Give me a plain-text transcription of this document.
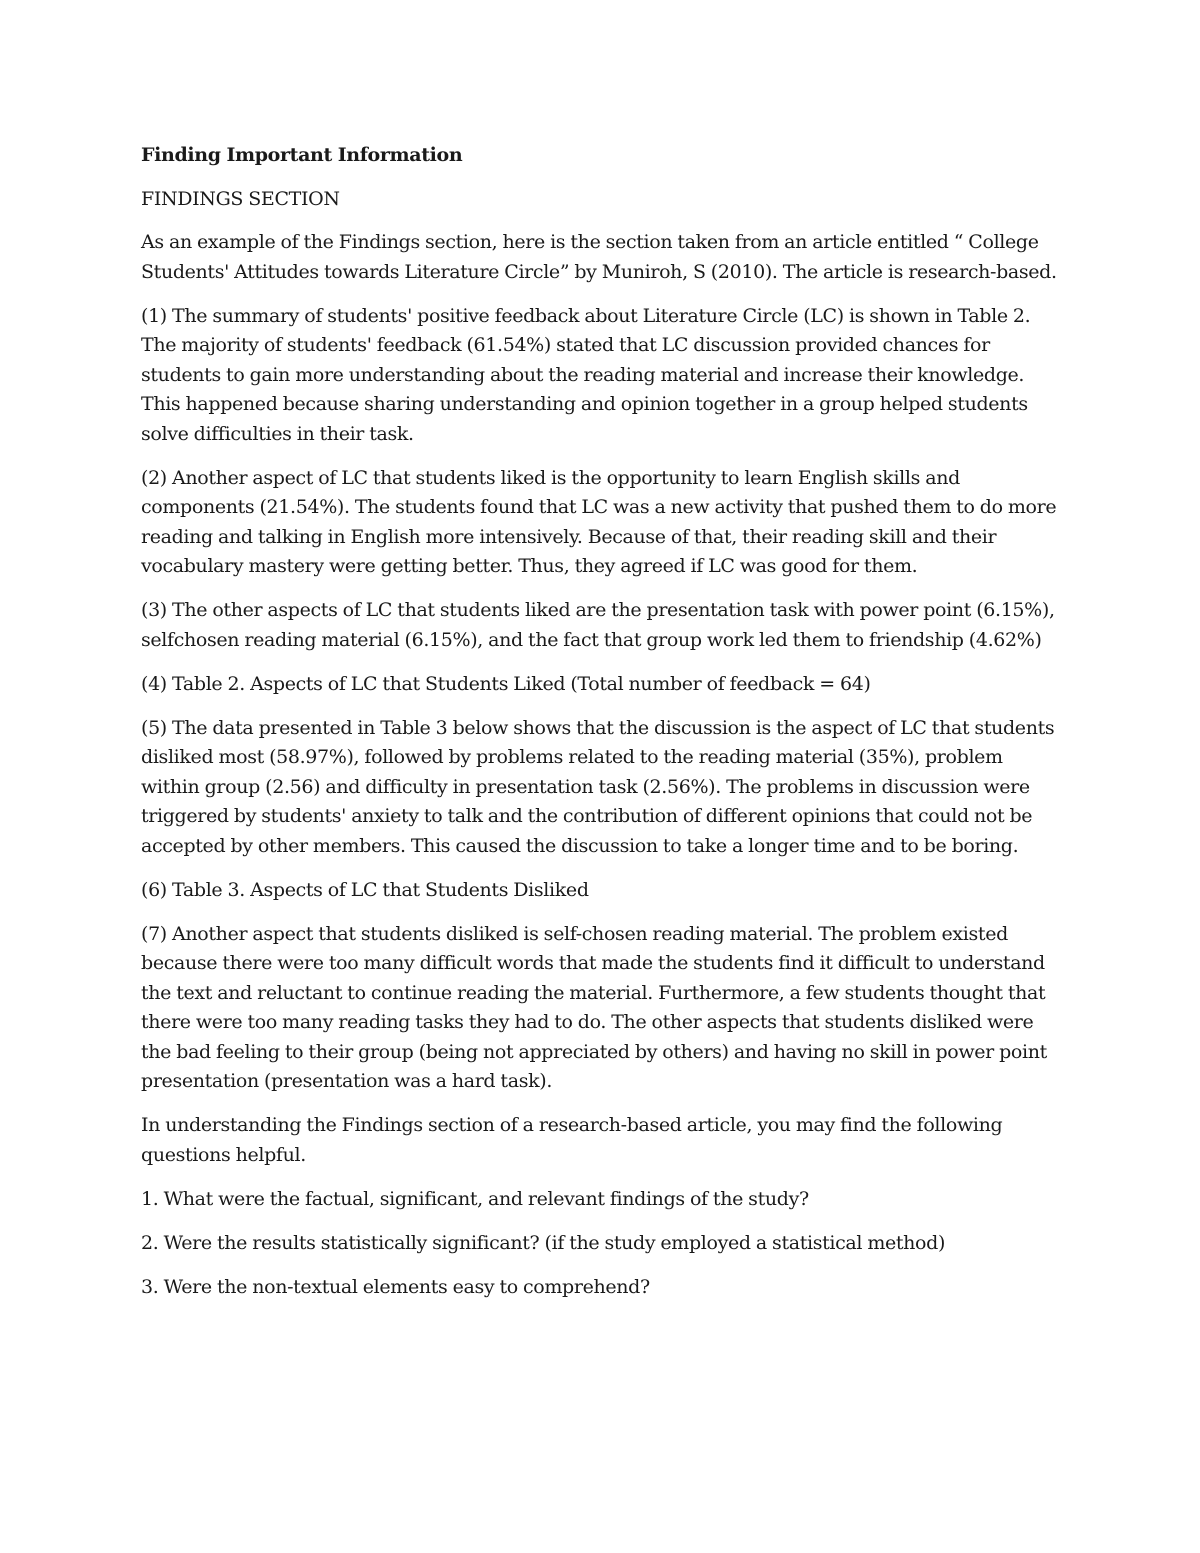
Finding Important Information
FINDINGS SECTION
As an example of the Findings section, here is the section taken from an article entitled “ College Students' Attitudes towards Literature Circle” by Muniroh, S (2010). The article is research-based.
(1) The summary of students' positive feedback about Literature Circle (LC) is shown in Table 2. The majority of students' feedback (61.54%) stated that LC discussion provided chances for students to gain more understanding about the reading material and increase their knowledge. This happened because sharing understanding and opinion together in a group helped students solve difficulties in their task.
(2) Another aspect of LC that students liked is the opportunity to learn English skills and components (21.54%). The students found that LC was a new activity that pushed them to do more reading and talking in English more intensively. Because of that, their reading skill and their vocabulary mastery were getting better. Thus, they agreed if LC was good for them.
(3) The other aspects of LC that students liked are the presentation task with power point (6.15%), selfchosen reading material (6.15%), and the fact that group work led them to friendship (4.62%)
(4) Table 2. Aspects of LC that Students Liked (Total number of feedback = 64)
(5) The data presented in Table 3 below shows that the discussion is the aspect of LC that students disliked most (58.97%), followed by problems related to the reading material (35%), problem within group (2.56) and difficulty in presentation task (2.56%). The problems in discussion were triggered by students' anxiety to talk and the contribution of different opinions that could not be accepted by other members. This caused the discussion to take a longer time and to be boring.
(6) Table 3. Aspects of LC that Students Disliked
(7) Another aspect that students disliked is self-chosen reading material. The problem existed because there were too many difficult words that made the students find it difficult to understand the text and reluctant to continue reading the material. Furthermore, a few students thought that there were too many reading tasks they had to do. The other aspects that students disliked were the bad feeling to their group (being not appreciated by others) and having no skill in power point presentation (presentation was a hard task).
In understanding the Findings section of a research-based article, you may find the following questions helpful.
1. What were the factual, significant, and relevant findings of the study?
2. Were the results statistically significant? (if the study employed a statistical method)
3. Were the non-textual elements easy to comprehend?
